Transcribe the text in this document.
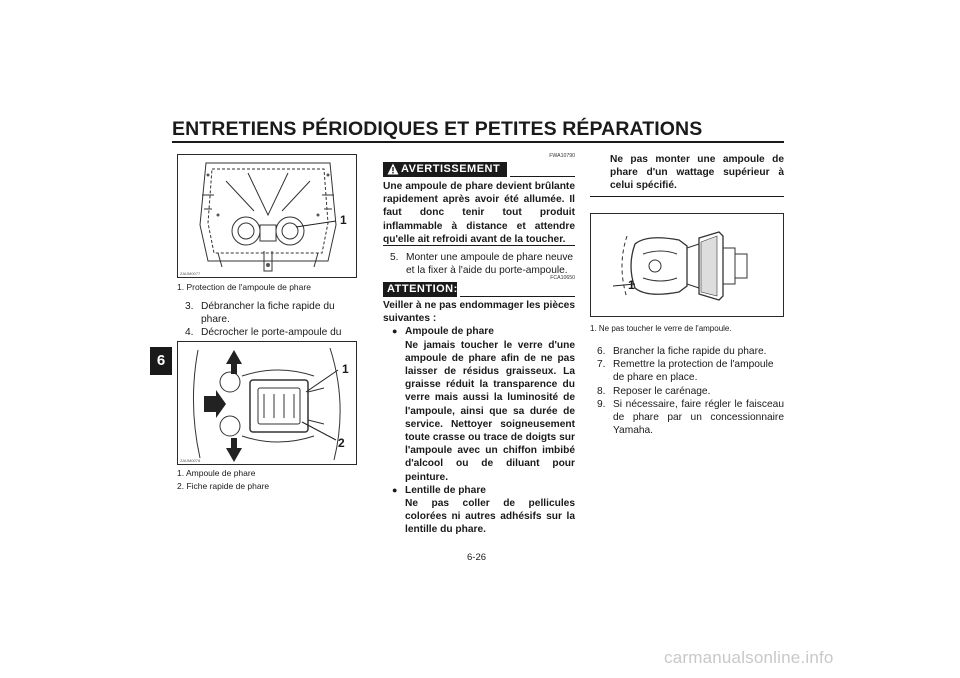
ENTRETIENS PÉRIODIQUES ET PETITES RÉPARATIONS
6
ZAUM0077
1
1. Protection de l'ampoule de phare
3. Débrancher la fiche rapide du phare.
4. Décrocher le porte-ampoule du
ZAUM0078
1
2
1. Ampoule de phare
2. Fiche rapide de phare
AVERTISSEMENT
FWA10790
Une ampoule de phare devient brûlante rapidement après avoir été allumée. Il faut donc tenir tout produit inflammable à distance et attendre qu'elle ait refroidi avant de la toucher.
5. Monter une ampoule de phare neuve et la fixer à l'aide du porte-ampoule.
ATTENTION:
FCA10650
Veiller à ne pas endommager les pièces suivantes :
● Ampoule de phare
Ne jamais toucher le verre d'une ampoule de phare afin de ne pas laisser de résidus graisseux. La graisse réduit la transparence du verre mais aussi la luminosité de l'ampoule, ainsi que sa durée de service. Nettoyer soigneusement toute crasse ou trace de doigts sur l'ampoule avec un chiffon imbibé d'alcool ou de diluant pour peinture.
● Lentille de phare
Ne pas coller de pellicules colorées ni autres adhésifs sur la lentille du phare.
Ne pas monter une ampoule de phare d'un wattage supérieur à celui spécifié.
1
1. Ne pas toucher le verre de l'ampoule.
6. Brancher la fiche rapide du phare.
7. Remettre la protection de l'ampoule de phare en place.
8. Reposer le carénage.
9. Si nécessaire, faire régler le faisceau de phare par un concessionnaire Yamaha.
6-26
carmanualsonline.info
